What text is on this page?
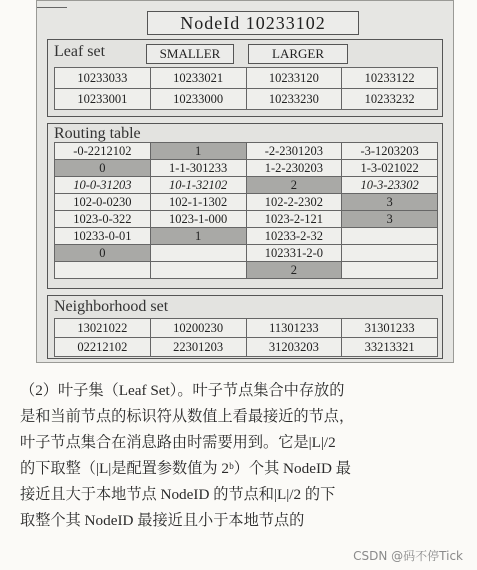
NodeId 10233102
Leaf set	SMALLER	LARGER
10233033	10233021	10233120	10233122
10233001	10233000	10233230	10233232
Routing table
-0-2212102	1	-2-2301203	-3-1203203
0	1-1-301233	1-2-230203	1-3-021022
10-0-31203	10-1-32102	2	10-3-23302
102-0-0230	102-1-1302	102-2-2302	3
1023-0-322	1023-1-000	1023-2-121	3
10233-0-01	1	10233-2-32	
0		102331-2-0	
		2	
Neighborhood set
13021022	10200230	11301233	31301233
02212102	22301203	31203203	33213321

（2）叶子集（Leaf Set）。叶子节点集合中存放的

是和当前节点的标识符从数值上看最接近的节点，

叶子节点集合在消息路由时需要用到。它是|L|/2

的下取整（|L|是配置参数值为 2ᵇ）个其 NodeID 最

接近且大于本地节点 NodeID 的节点和|L|/2 的下

取整个其 NodeID 最接近且小于本地节点的

CSDN @码不停Tick
